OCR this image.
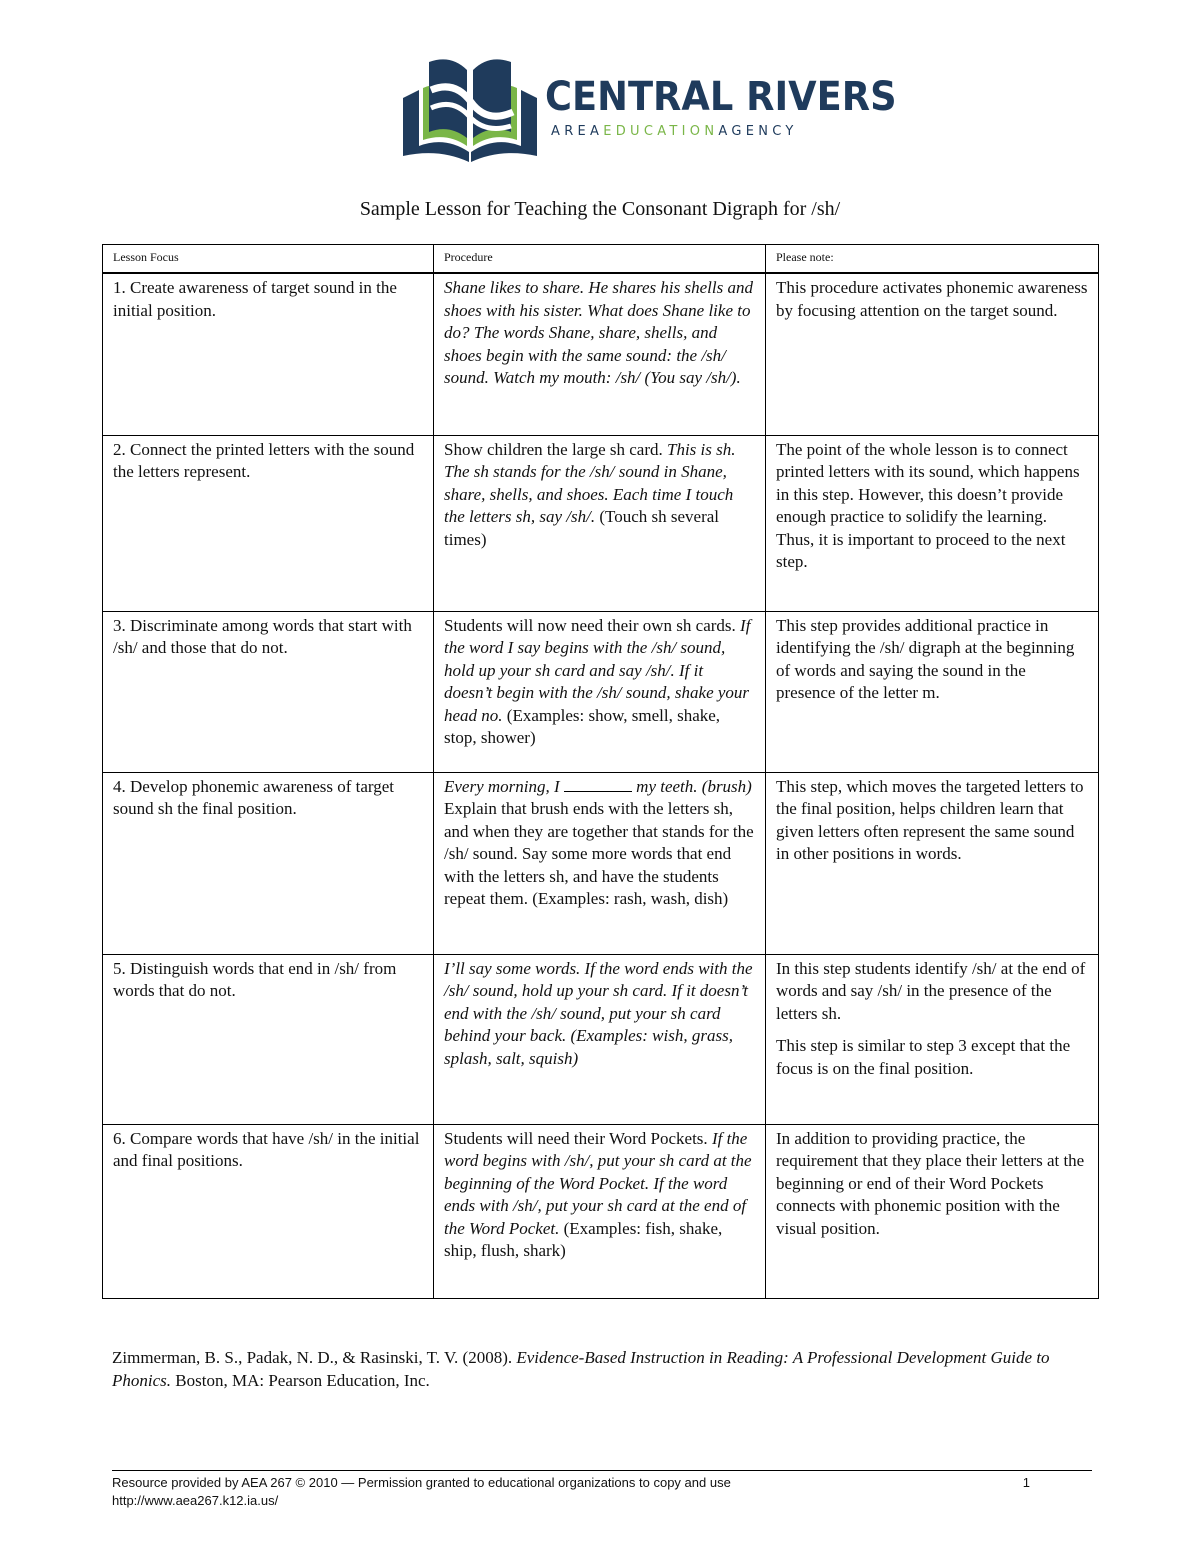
CENTRAL RIVERS
AREAEDUCATIONAGENCY
Sample Lesson for Teaching the Consonant Digraph for /sh/
Lesson Focus	Procedure	Please note:
1. Create awareness of target sound in the initial position.	Shane likes to share. He shares his shells and shoes with his sister. What does Shane like to do? The words Shane, share, shells, and shoes begin with the same sound: the /sh/ sound. Watch my mouth: /sh/ (You say /sh/).	This procedure activates phonemic awareness by focusing attention on the target sound.

2. Connect the printed letters with the sound the letters represent.	Show children the large sh card. This is sh. The sh stands for the /sh/ sound in Shane, share, shells, and shoes. Each time I touch the letters sh, say /sh/. (Touch sh several times)	The point of the whole lesson is to connect printed letters with its sound, which happens in this step. However, this doesn’t provide enough practice to solidify the learning. Thus, it is important to proceed to the next step.

3. Discriminate among words that start with /sh/ and those that do not.	Students will now need their own sh cards. If the word I say begins with the /sh/ sound, hold up your sh card and say /sh/. If it doesn’t begin with the /sh/ sound, shake your head no. (Examples: show, smell, shake, stop, shower)	This step provides additional practice in identifying the /sh/ digraph at the beginning of words and saying the sound in the presence of the letter m.

4. Develop phonemic awareness of target sound sh the final position.	Every morning, I my teeth. (brush) Explain that brush ends with the letters sh, and when they are together that stands for the /sh/ sound. Say some more words that end with the letters sh, and have the students repeat them. (Examples: rash, wash, dish)	This step, which moves the targeted letters to the final position, helps children learn that given letters often represent the same sound in other positions in words.

5. Distinguish words that end in /sh/ from words that do not.	I’ll say some words. If the word ends with the /sh/ sound, hold up your sh card. If it doesn’t end with the /sh/ sound, put your sh card behind your back. (Examples: wish, grass, splash, salt, squish)	In this step students identify /sh/ at the end of words and say /sh/ in the presence of the letters sh.

This step is similar to step 3 except that the focus is on the final position.

6. Compare words that have /sh/ in the initial and final positions.	Students will need their Word Pockets. If the word begins with /sh/, put your sh card at the beginning of the Word Pocket. If the word ends with /sh/, put your sh card at the end of the Word Pocket. (Examples: fish, shake, ship, flush, shark)	In addition to providing practice, the requirement that they place their letters at the beginning or end of their Word Pockets connects with phonemic position with the visual position.

Zimmerman, B. S., Padak, N. D., & Rasinski, T. V. (2008). Evidence-Based Instruction in Reading: A Professional Development Guide to Phonics. Boston, MA: Pearson Education, Inc.
Resource provided by AEA 267 © 2010 — Permission granted to educational organizations to copy and use
http://www.aea267.k12.ia.us/
1
